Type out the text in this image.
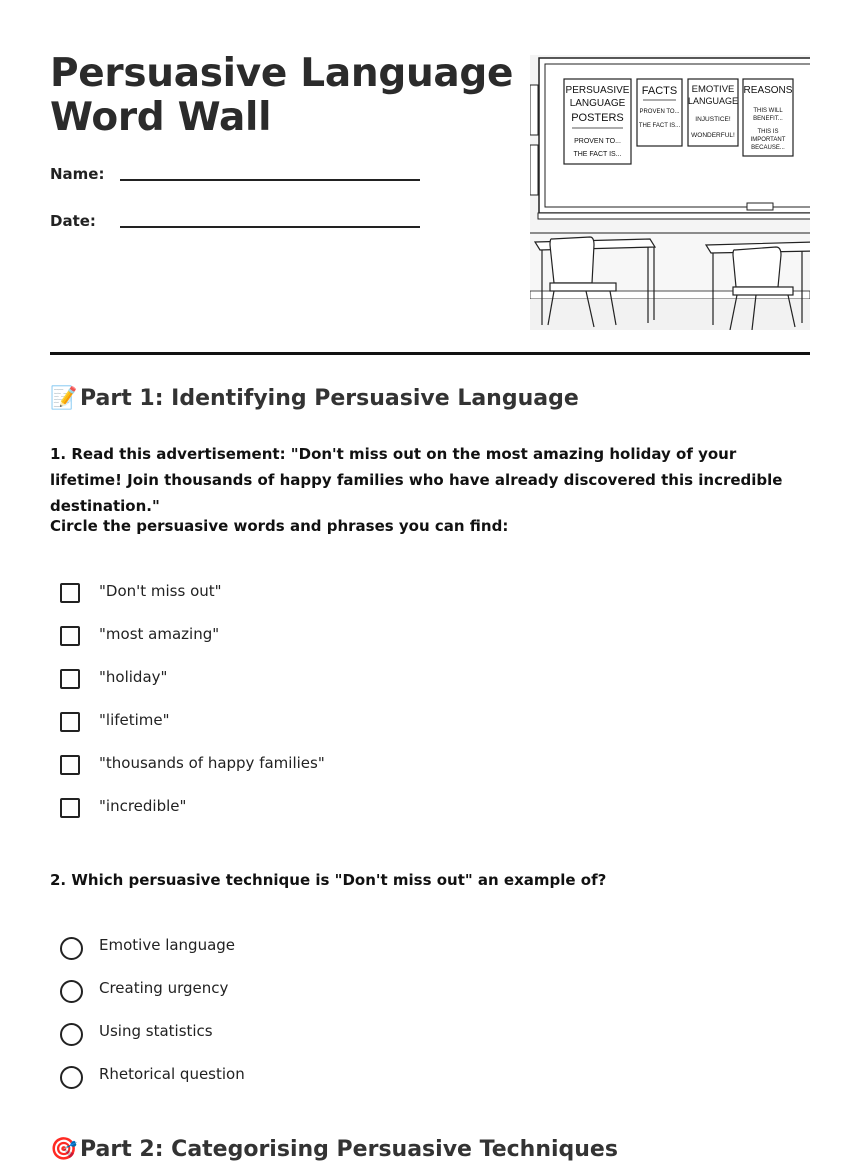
Persuasive Language
Word Wall
Name:
Date:
PERSUASIVE
LANGUAGE
POSTERS
PROVEN TO...
THE FACT IS...
FACTS
PROVEN TO...
THE FACT IS...
EMOTIVE
LANGUAGE
INJUSTICE!
WONDERFUL!
REASONS
THIS WILL
BENEFIT...
THIS IS
IMPORTANT
BECAUSE...
📝 Part 1: Identifying Persuasive Language
1. Read this advertisement: "Don't miss out on the most amazing holiday of your lifetime! Join thousands of happy families who have already discovered this incredible destination."
Circle the persuasive words and phrases you can find:
"Don't miss out"
"most amazing"
"holiday"
"lifetime"
"thousands of happy families"
"incredible"
2. Which persuasive technique is "Don't miss out" an example of?
Emotive language
Creating urgency
Using statistics
Rhetorical question
🎯 Part 2: Categorising Persuasive Techniques
